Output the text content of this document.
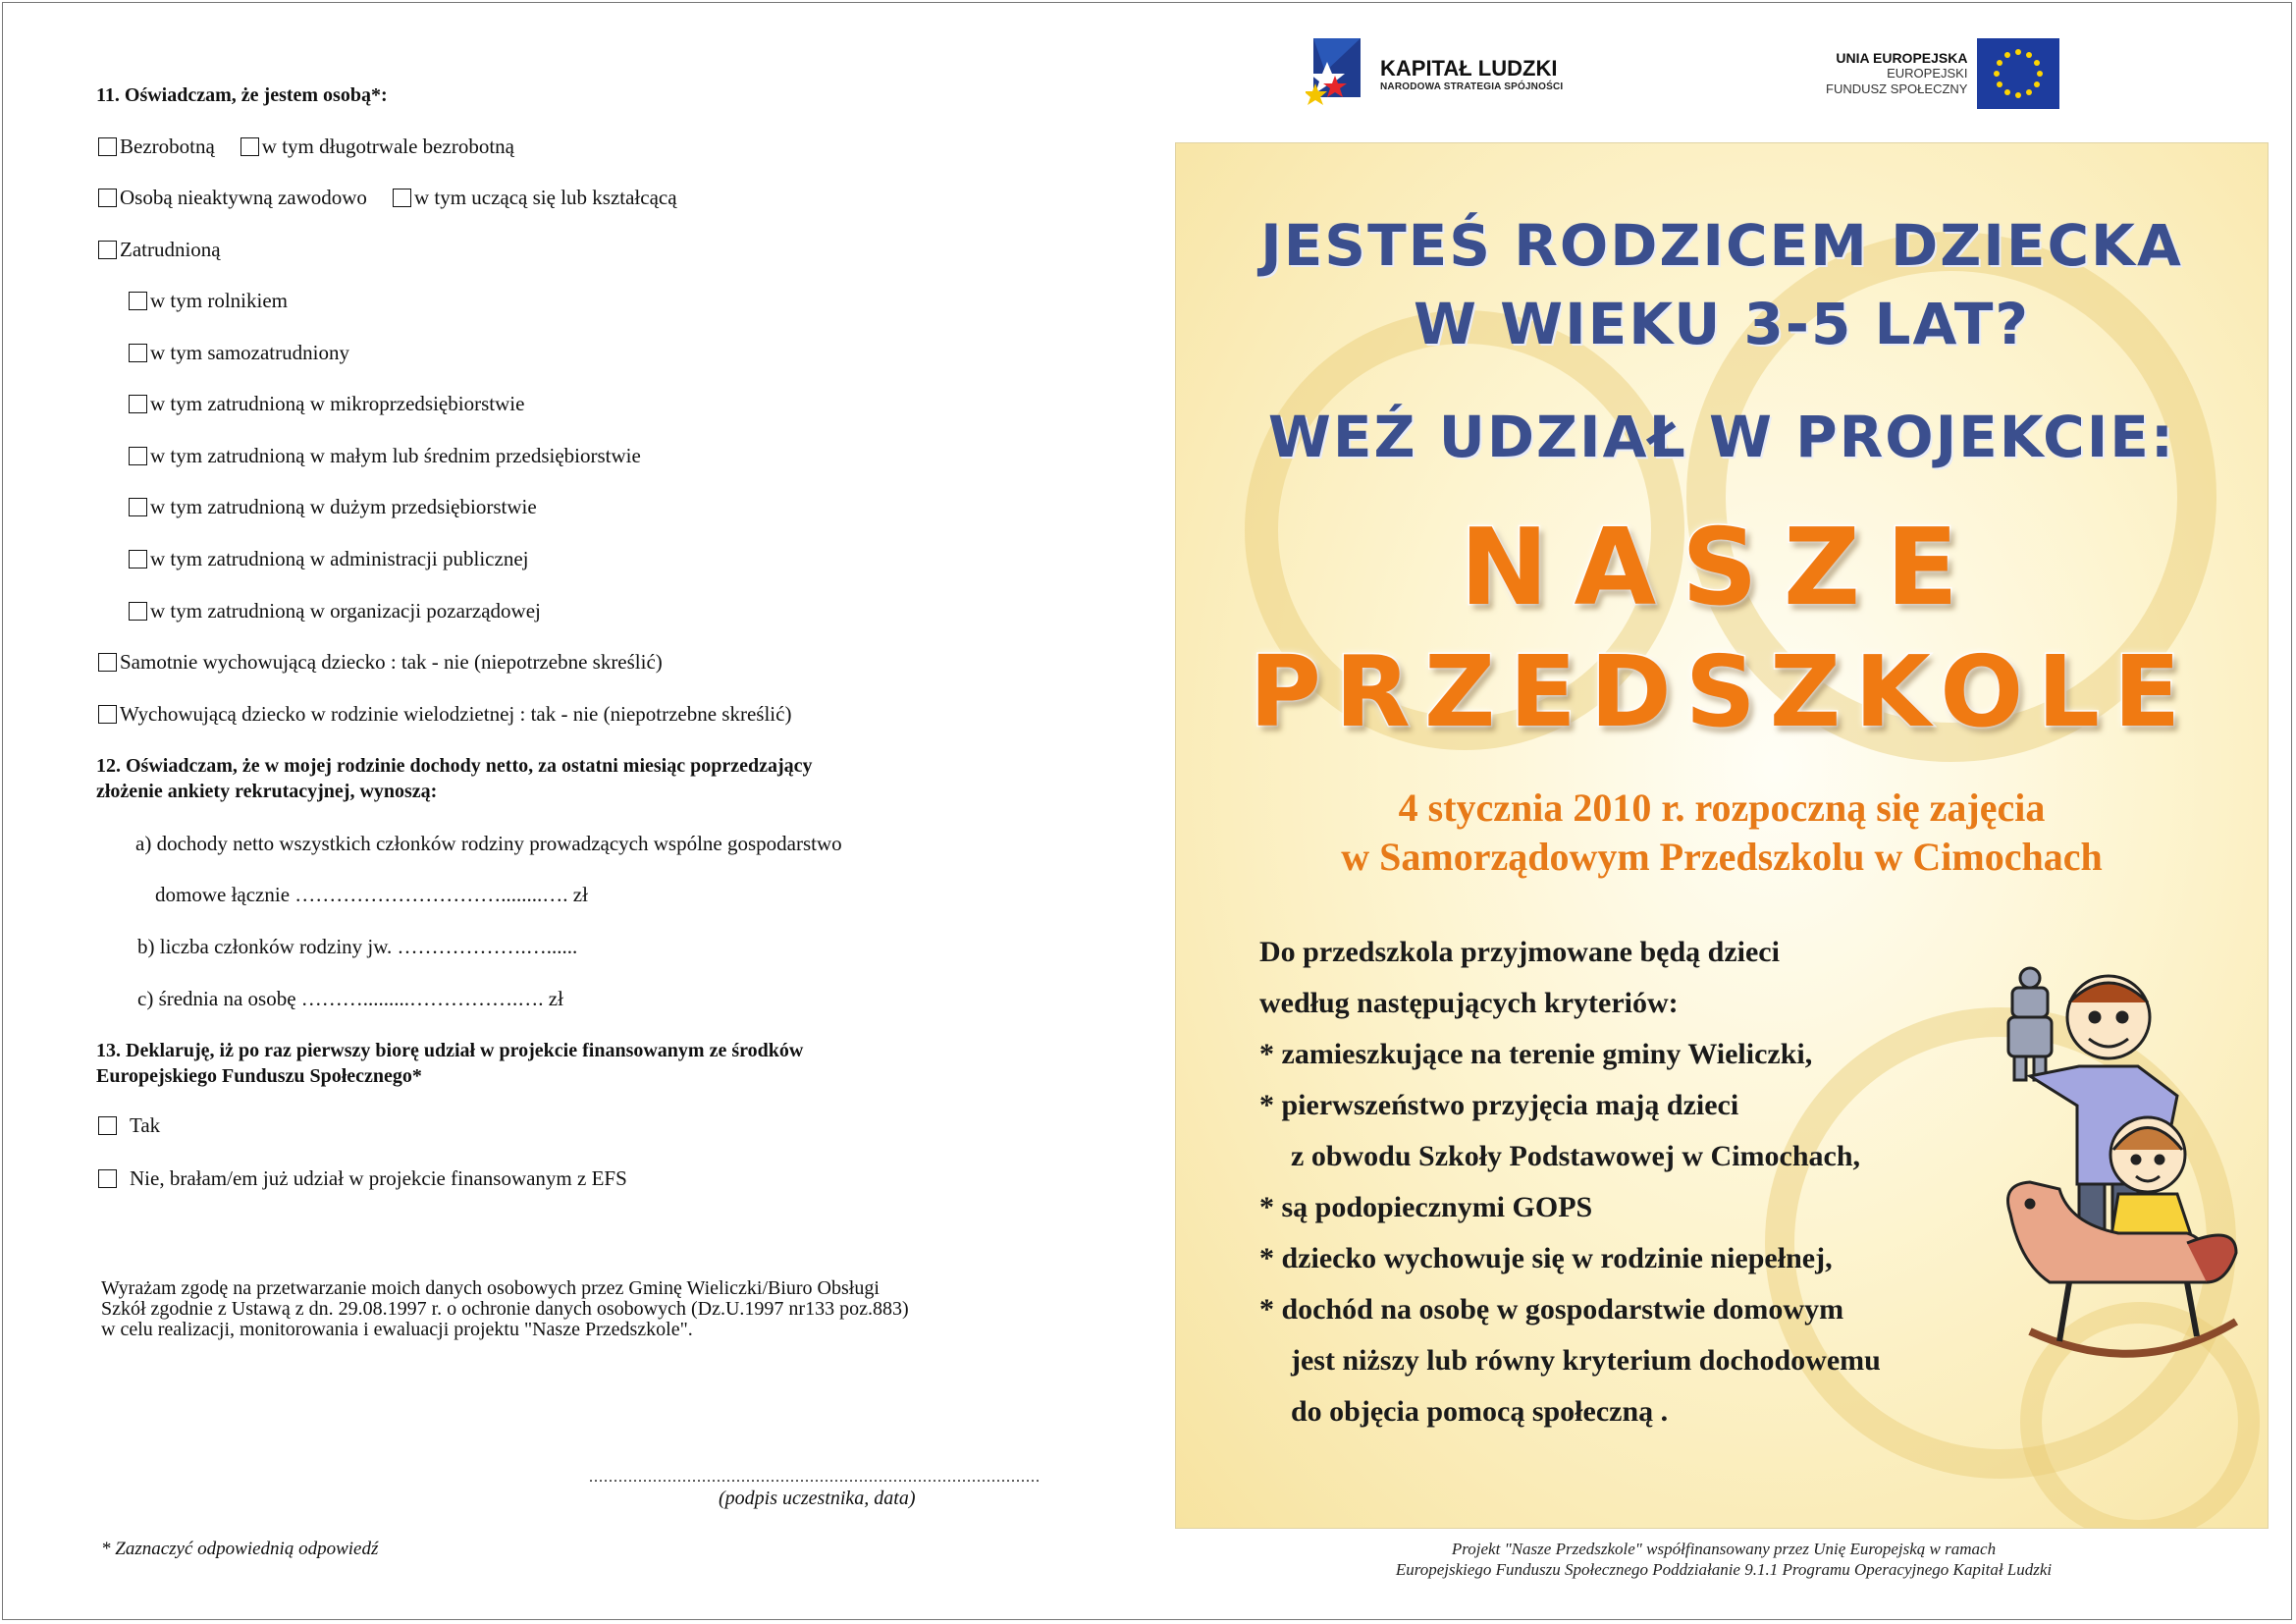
11. Oświadczam, że jestem osobą*:
Bezrobotną w tym długotrwale bezrobotną
Osobą nieaktywną zawodowo w tym uczącą się lub kształcącą
Zatrudnioną
w tym rolnikiem
w tym samozatrudniony
w tym zatrudnioną w mikroprzedsiębiorstwie
w tym zatrudnioną w małym lub średnim przedsiębiorstwie
w tym zatrudnioną w dużym przedsiębiorstwie
w tym zatrudnioną w administracji publicznej
w tym zatrudnioną w organizacji pozarządowej
Samotnie wychowującą dziecko : tak - nie (niepotrzebne skreślić)
Wychowującą dziecko w rodzinie wielodzietnej : tak - nie (niepotrzebne skreślić)
12. Oświadczam, że w mojej rodzinie dochody netto, za ostatni miesiąc poprzedzający
złożenie ankiety rekrutacyjnej, wynoszą:
a) dochody netto wszystkich członków rodziny prowadzących wspólne gospodarstwo
domowe łącznie …………………………........…. zł
b) liczba członków rodziny jw. ……………….…......
c) średnia na osobę ……….........…………….…. zł
13. Deklaruję, iż po raz pierwszy biorę udział w projekcie finansowanym ze środków
Europejskiego Funduszu Społecznego*
Tak
Nie, brałam/em już udział w projekcie finansowanym z EFS
Wyrażam zgodę na przetwarzanie moich danych osobowych przez Gminę Wieliczki/Biuro Obsługi
Szkół zgodnie z Ustawą z dn. 29.08.1997 r. o ochronie danych osobowych (Dz.U.1997 nr133 poz.883)
w celu realizacji, monitorowania i ewaluacji projektu "Nasze Przedszkole".
............................................................................................
(podpis uczestnika, data)
* Zaznaczyć odpowiednią odpowiedź
KAPITAŁ LUDZKI
NARODOWA STRATEGIA SPÓJNOŚCI
UNIA EUROPEJSKA
EUROPEJSKI
FUNDUSZ SPOŁECZNY
JESTEŚ RODZICEM DZIECKA
W WIEKU 3-5 LAT?
WEŹ UDZIAŁ W PROJEKCIE:
NASZE
PRZEDSZKOLE
4 stycznia 2010 r. rozpoczną się zajęcia
w Samorządowym Przedszkolu w Cimochach
Do przedszkola przyjmowane będą dzieci
według następujących kryteriów:
* zamieszkujące na terenie gminy Wieliczki,
* pierwszeństwo przyjęcia mają dzieci
z obwodu Szkoły Podstawowej w Cimochach,
* są podopiecznymi GOPS
* dziecko wychowuje się w rodzinie niepełnej,
* dochód na osobę w gospodarstwie domowym
jest niższy lub równy kryterium dochodowemu
do objęcia pomocą społeczną .
Projekt "Nasze Przedszkole" współfinansowany przez Unię Europejską w ramach
Europejskiego Funduszu Społecznego Poddziałanie 9.1.1 Programu Operacyjnego Kapitał Ludzki
